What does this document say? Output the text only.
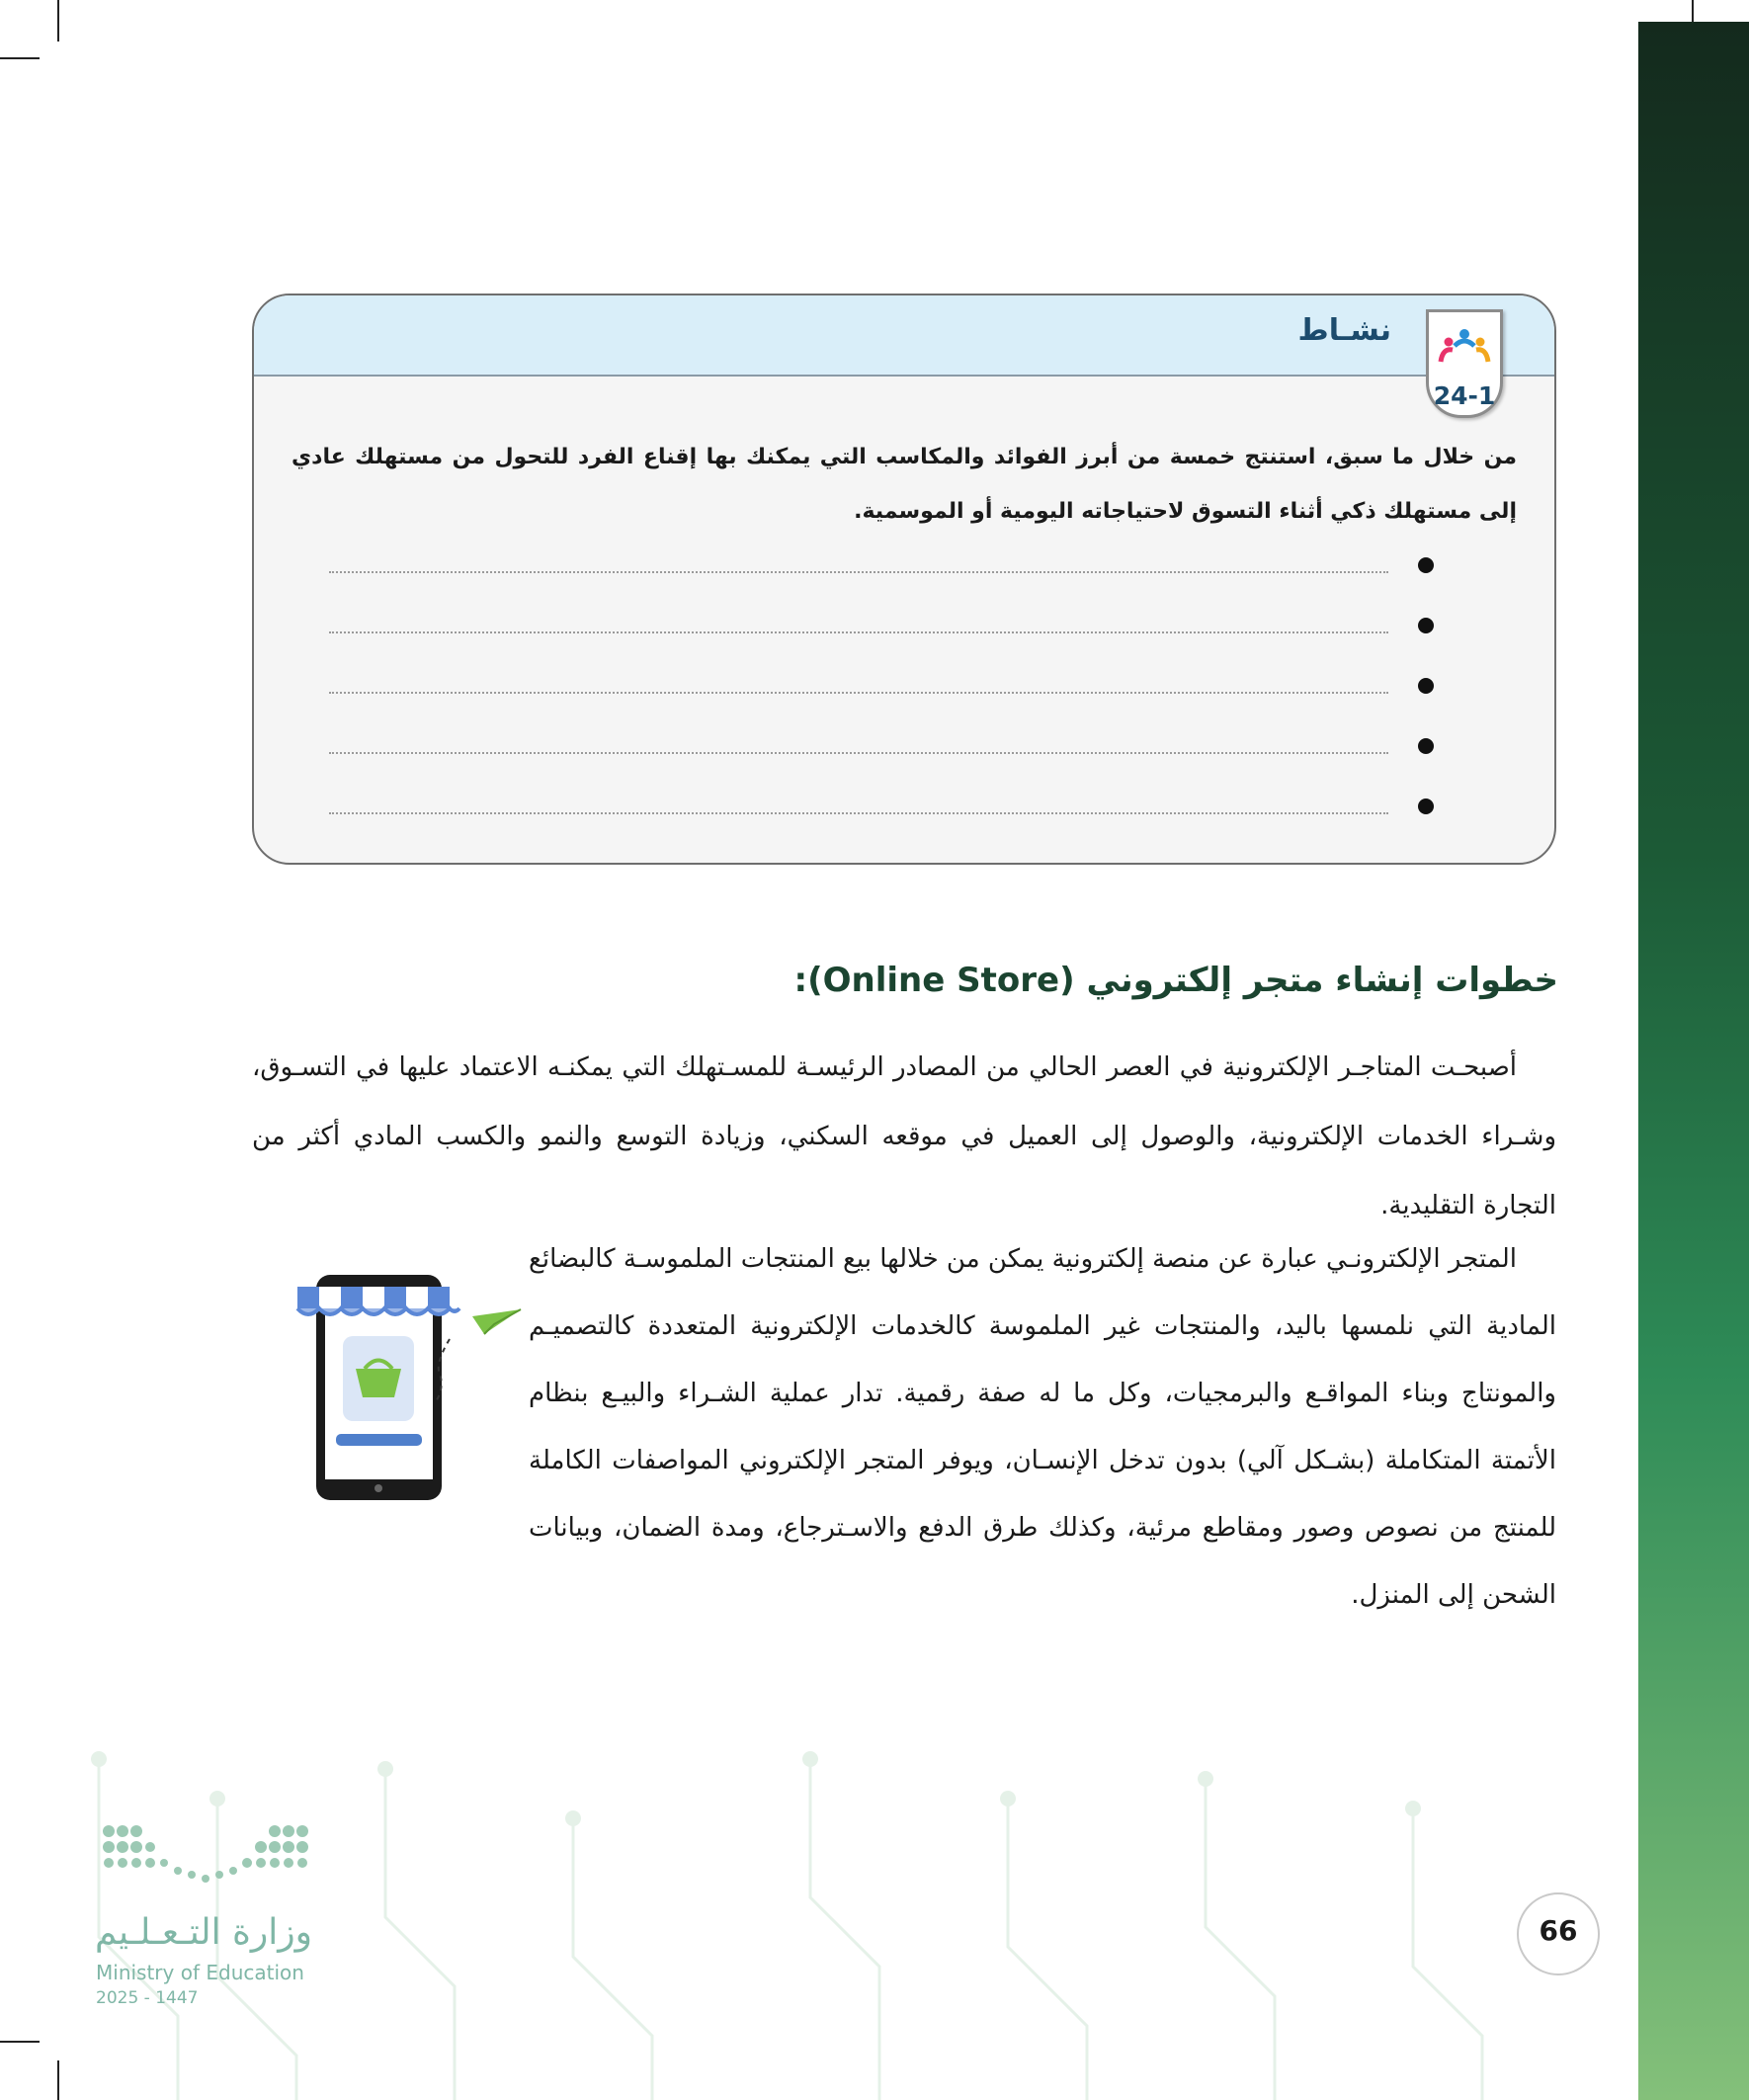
نشـاط
24-1
من خلال ما سبق، استنتج خمسة من أبرز الفوائد والمكاسب التي يمكنك بها إقناع الفرد للتحول من مستهلك عادي إلى مستهلك ذكي أثناء التسوق لاحتياجاته اليومية أو الموسمية.
خطوات إنشاء متجر إلكتروني (Online Store):
أصبحـت المتاجـر الإلكترونية في العصر الحالي من المصادر الرئيسـة للمسـتهلك التي يمكنـه الاعتماد عليها في التسـوق، وشـراء الخدمات الإلكترونية، والوصول إلى العميل في موقعه السكني، وزيادة التوسع والنمو والكسب المادي أكثر من التجارة التقليدية.
المتجر الإلكترونـي عبارة عن منصة إلكترونية يمكن من خلالها بيع المنتجات الملموسـة كالبضائع المادية التي نلمسها باليد، والمنتجات غير الملموسة كالخدمات الإلكترونية المتعددة كالتصميـم والمونتاج وبناء المواقـع والبرمجيات، وكل ما له صفة رقمية. تدار عملية الشـراء والبيـع بنظام الأتمتة المتكاملة (بشـكل آلي) بدون تدخل الإنسـان، ويوفر المتجر الإلكتروني المواصفات الكاملة للمنتج من نصوص وصور ومقاطع مرئية، وكذلك طرق الدفع والاسـترجاع، ومدة الضمان، وبيانات الشحن إلى المنزل.
وزارة التـعـلـيم
Ministry of Education
2025 - 1447
66
